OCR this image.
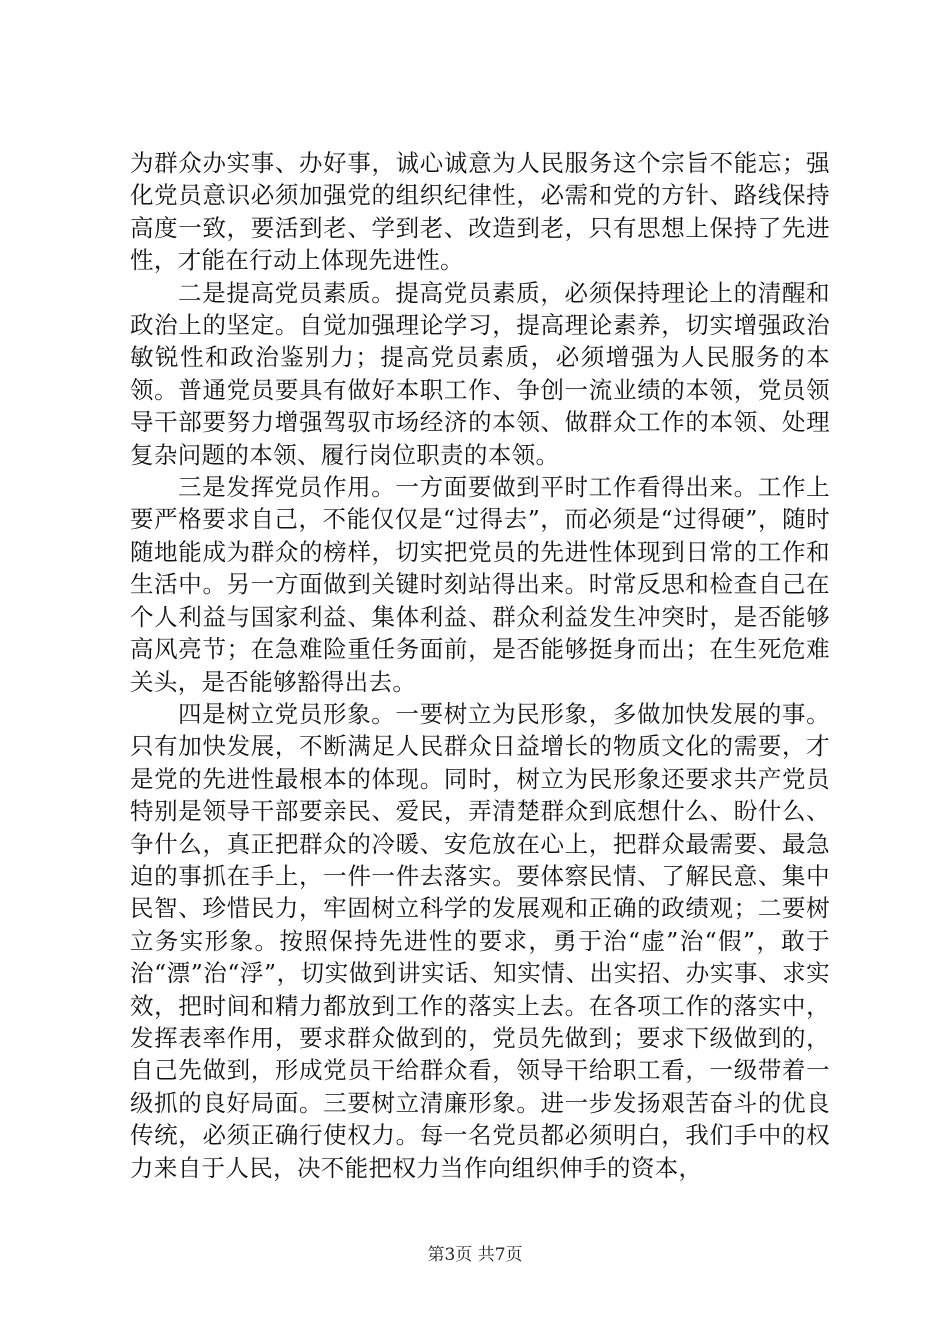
为群众办实事、办好事，诚心诚意为人民服务这个宗旨不能忘；强化党员意识必须加强党的组织纪律性，必需和党的方针、路线保持高度一致，要活到老、学到老、改造到老，只有思想上保持了先进性，才能在行动上体现先进性。

二是提高党员素质。提高党员素质，必须保持理论上的清醒和政治上的坚定。自觉加强理论学习，提高理论素养，切实增强政治敏锐性和政治鉴别力；提高党员素质，必须增强为人民服务的本领。普通党员要具有做好本职工作、争创一流业绩的本领，党员领导干部要努力增强驾驭市场经济的本领、做群众工作的本领、处理复杂问题的本领、履行岗位职责的本领。

三是发挥党员作用。一方面要做到平时工作看得出来。工作上要严格要求自己，不能仅仅是“过得去”，而必须是“过得硬”，随时随地能成为群众的榜样，切实把党员的先进性体现到日常的工作和生活中。另一方面做到关键时刻站得出来。时常反思和检查自己在个人利益与国家利益、集体利益、群众利益发生冲突时，是否能够高风亮节；在急难险重任务面前，是否能够挺身而出；在生死危难关头，是否能够豁得出去。

四是树立党员形象。一要树立为民形象，多做加快发展的事。只有加快发展，不断满足人民群众日益增长的物质文化的需要，才是党的先进性最根本的体现。同时，树立为民形象还要求共产党员特别是领导干部要亲民、爱民，弄清楚群众到底想什么、盼什么、争什么，真正把群众的冷暖、安危放在心上，把群众最需要、最急迫的事抓在手上，一件一件去落实。要体察民情、了解民意、集中民智、珍惜民力，牢固树立科学的发展观和正确的政绩观；二要树立务实形象。按照保持先进性的要求，勇于治“虚”治“假”，敢于治“漂”治“浮”，切实做到讲实话、知实情、出实招、办实事、求实效，把时间和精力都放到工作的落实上去。在各项工作的落实中，发挥表率作用，要求群众做到的，党员先做到；要求下级做到的，自己先做到，形成党员干给群众看，领导干给职工看，一级带着一级抓的良好局面。三要树立清廉形象。进一步发扬艰苦奋斗的优良传统，必须正确行使权力。每一名党员都必须明白，我们手中的权力来自于人民，决不能把权力当作向组织伸手的资本，

第3页 共7页
